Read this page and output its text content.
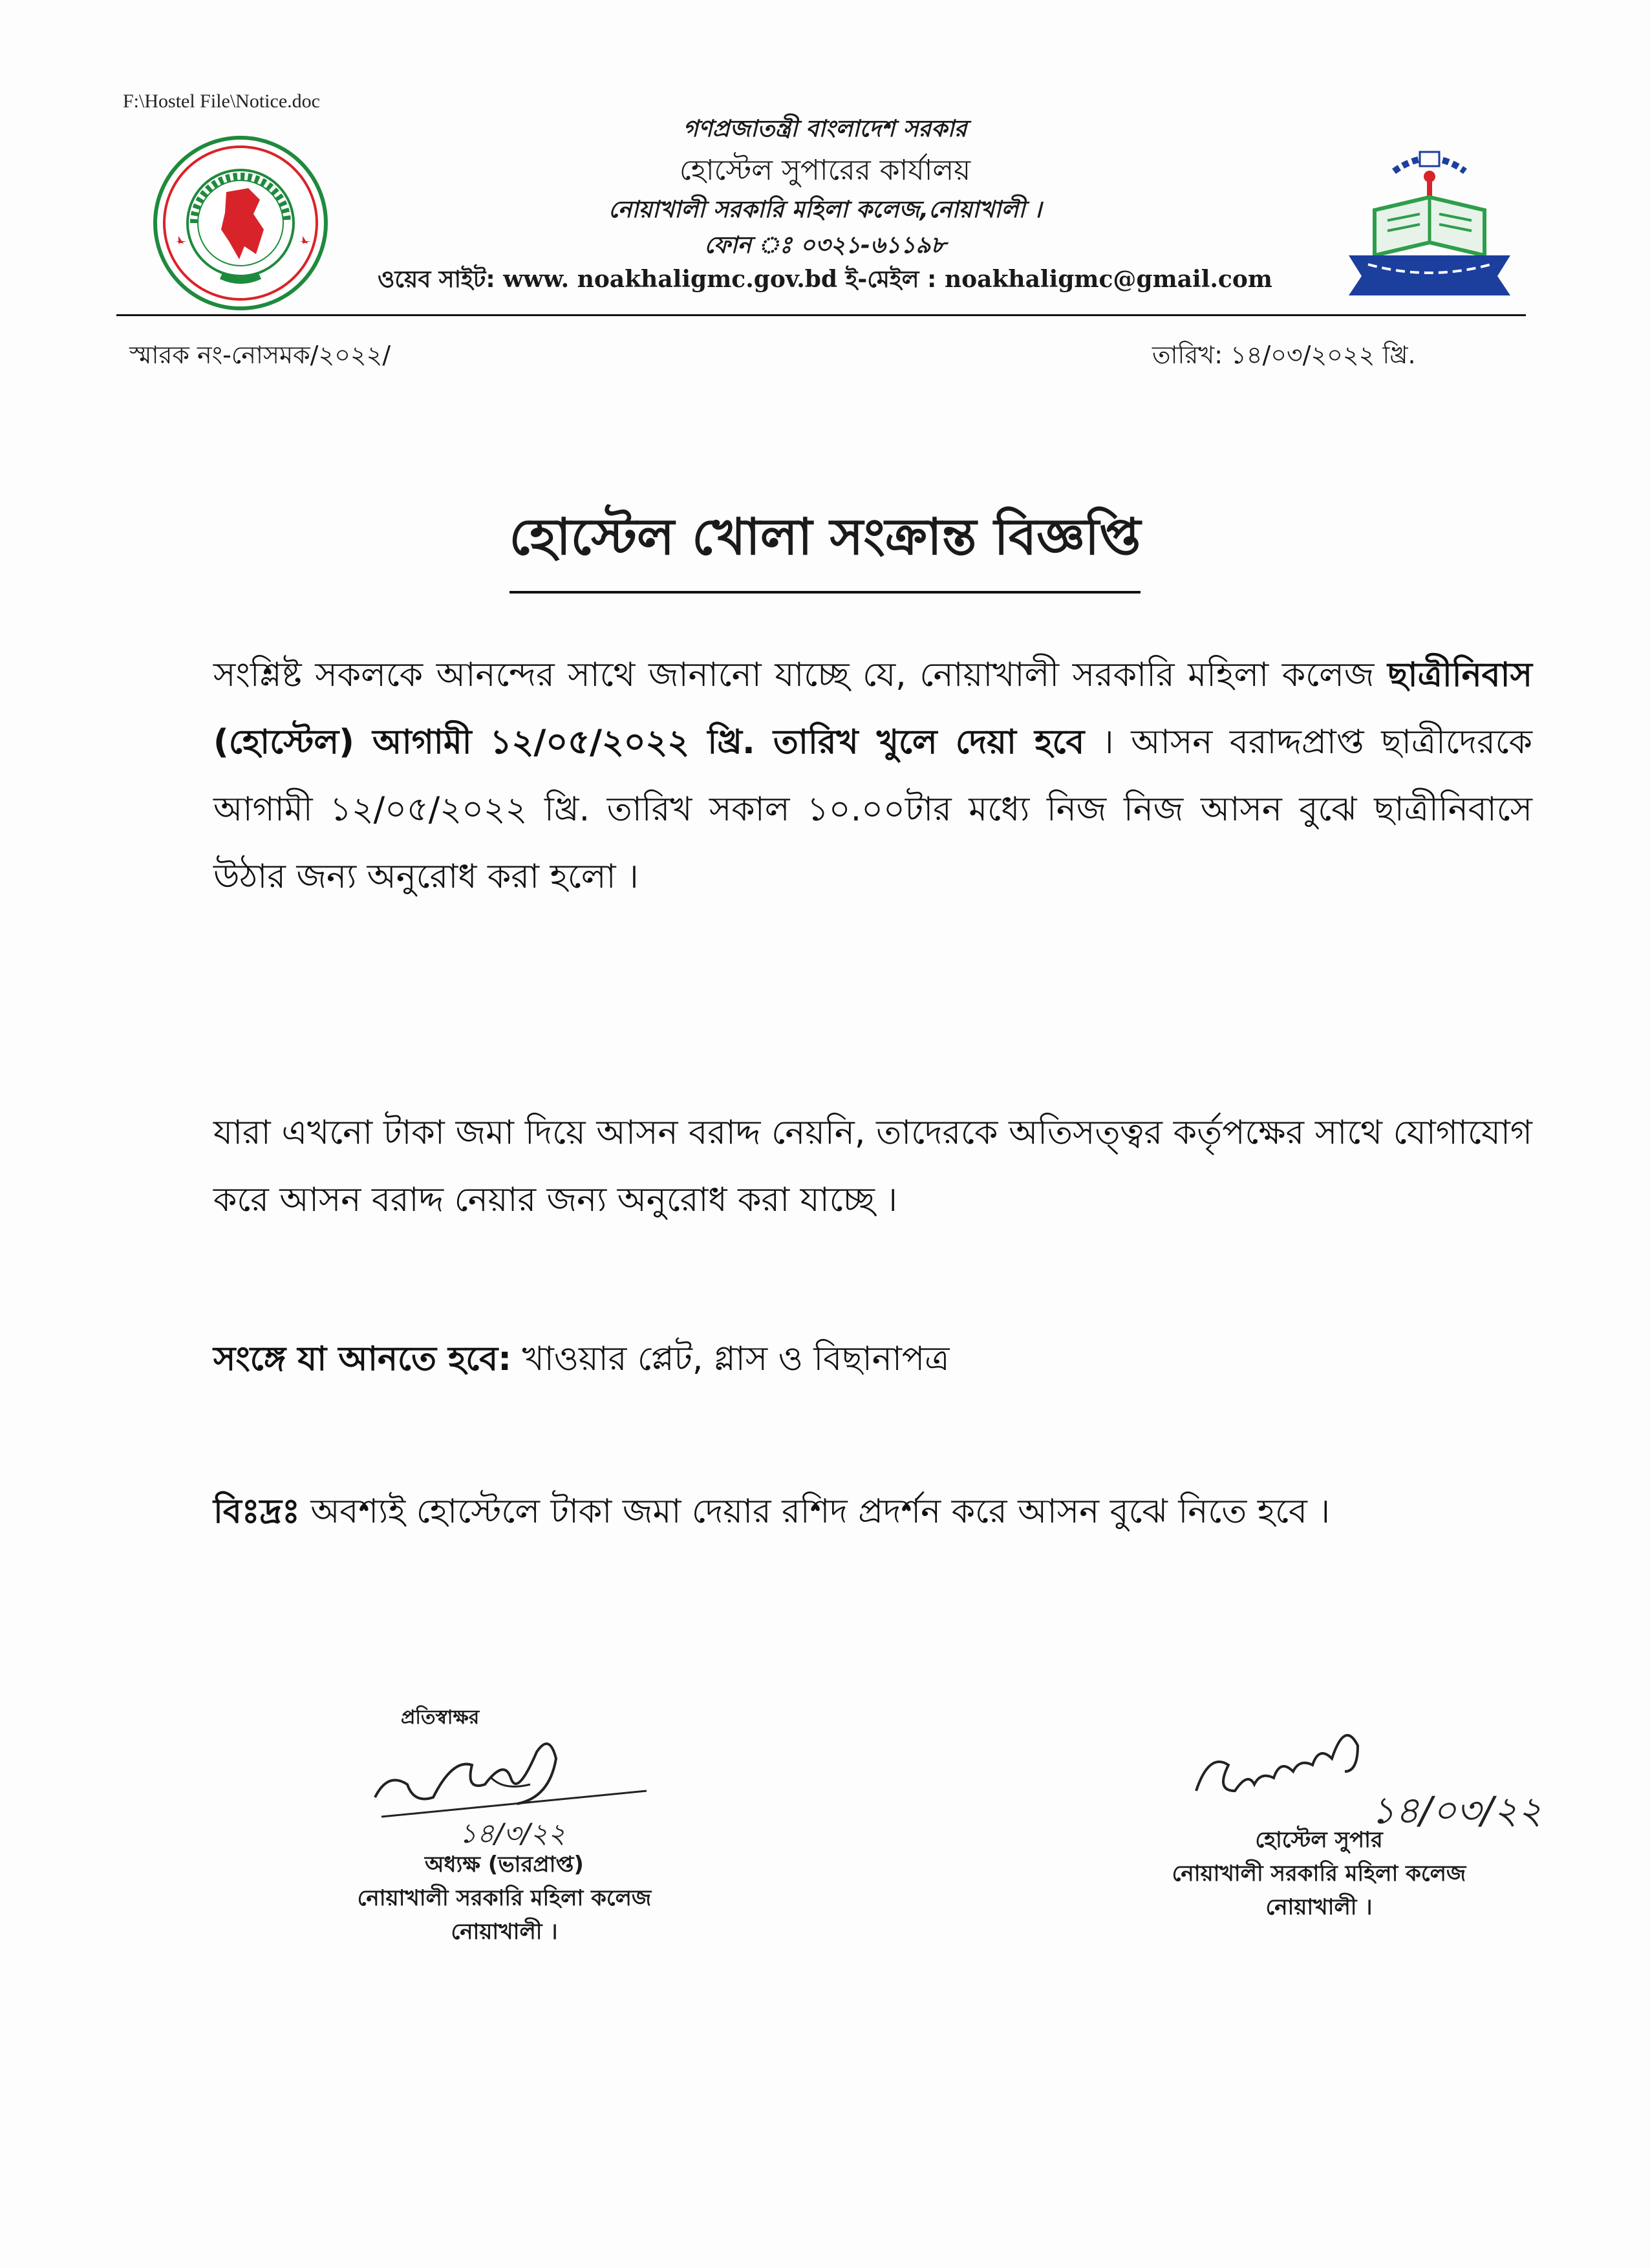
F:\Hostel File\Notice.doc
গণপ্রজাতন্ত্রী বাংলাদেশ সরকার
হোস্টেল সুপারের কার্যালয়
নোয়াখালী সরকারি মহিলা কলেজ,নোয়াখালী ।
ফোন ঃ ০৩২১-৬১১৯৮
ওয়েব সাইট: www. noakhaligmc.gov.bd ই-মেইল : noakhaligmc@gmail.com
স্মারক নং-নোসমক/২০২২/	তারিখ: ১৪/০৩/২০২২ খ্রি.
হোস্টেল খোলা সংক্রান্ত বিজ্ঞপ্তি
সংশ্লিষ্ট সকলকে আনন্দের সাথে জানানো যাচ্ছে যে, নোয়াখালী সরকারি মহিলা কলেজ ছাত্রীনিবাস (হোস্টেল) আগামী ১২/০৫/২০২২ খ্রি. তারিখ খুলে দেয়া হবে । আসন বরাদ্দপ্রাপ্ত ছাত্রীদেরকে আগামী ১২/০৫/২০২২ খ্রি. তারিখ সকাল ১০.০০টার মধ্যে নিজ নিজ আসন বুঝে ছাত্রীনিবাসে উঠার জন্য অনুরোধ করা হলো ।
যারা এখনো টাকা জমা দিয়ে আসন বরাদ্দ নেয়নি, তাদেরকে অতিসত্ত্বর কর্তৃপক্ষের সাথে যোগাযোগ করে আসন বরাদ্দ নেয়ার জন্য অনুরোধ করা যাচ্ছে ।
সংঙ্গে যা আনতে হবে: খাওয়ার প্লেট, গ্লাস ও বিছানাপত্র
বিঃদ্রঃ অবশ্যই হোস্টেলে টাকা জমা দেয়ার রশিদ প্রদর্শন করে আসন বুঝে নিতে হবে ।
প্রতিস্বাক্ষর
১৪/৩/২২
অধ্যক্ষ (ভারপ্রাপ্ত)
নোয়াখালী সরকারি মহিলা কলেজ
নোয়াখালী ।
১৪/০৩/২২
হোস্টেল সুপার
নোয়াখালী সরকারি মহিলা কলেজ
নোয়াখালী ।
